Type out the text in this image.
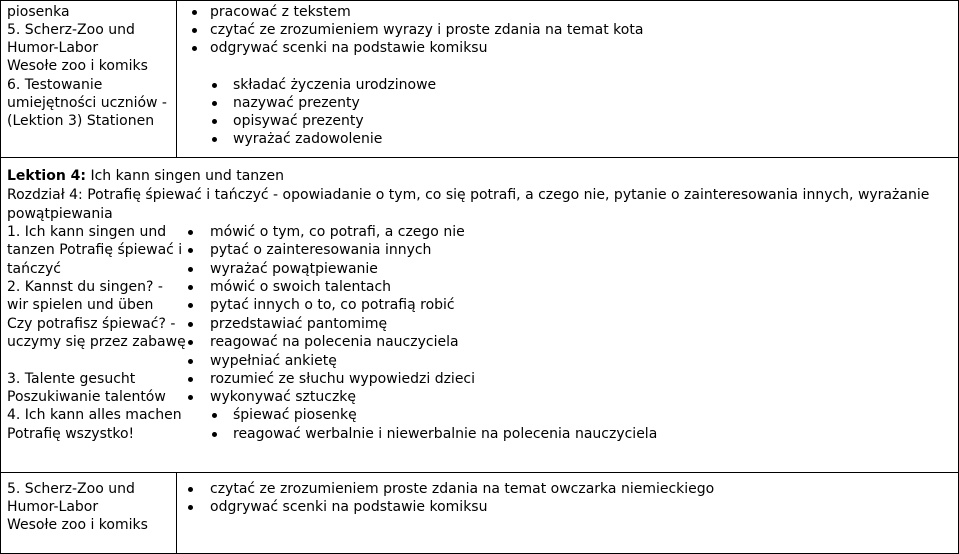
piosenka
5. Scherz-Zoo und
Humor-Labor
Wesołe zoo i komiks
6. Testowanie
umiejętności uczniów -
(Lektion 3) Stationen
pracować z tekstem
czytać ze zrozumieniem wyrazy i proste zdania na temat kota
odgrywać scenki na podstawie komiksu
składać życzenia urodzinowe
nazywać prezenty
opisywać prezenty
wyrażać zadowolenie
Lektion 4: Ich kann singen und tanzen
Rozdział 4: Potrafię śpiewać i tańczyć - opowiadanie o tym, co się potrafi, a czego nie, pytanie o zainteresowania innych, wyrażanie
powątpiewania
1. Ich kann singen und
tanzen Potrafię śpiewać i
tańczyć
2. Kannst du singen? -
wir spielen und üben
Czy potrafisz śpiewać? -
uczymy się przez zabawę
3. Talente gesucht
Poszukiwanie talentów
4. Ich kann alles machen
Potrafię wszystko!
mówić o tym, co potrafi, a czego nie
pytać o zainteresowania innych
wyrażać powątpiewanie
mówić o swoich talentach
pytać innych o to, co potrafią robić
przedstawiać pantomimę
reagować na polecenia nauczyciela
wypełniać ankietę
rozumieć ze słuchu wypowiedzi dzieci
wykonywać sztuczkę
śpiewać piosenkę
reagować werbalnie i niewerbalnie na polecenia nauczyciela
5. Scherz-Zoo und
Humor-Labor
Wesołe zoo i komiks
czytać ze zrozumieniem proste zdania na temat owczarka niemieckiego
odgrywać scenki na podstawie komiksu
